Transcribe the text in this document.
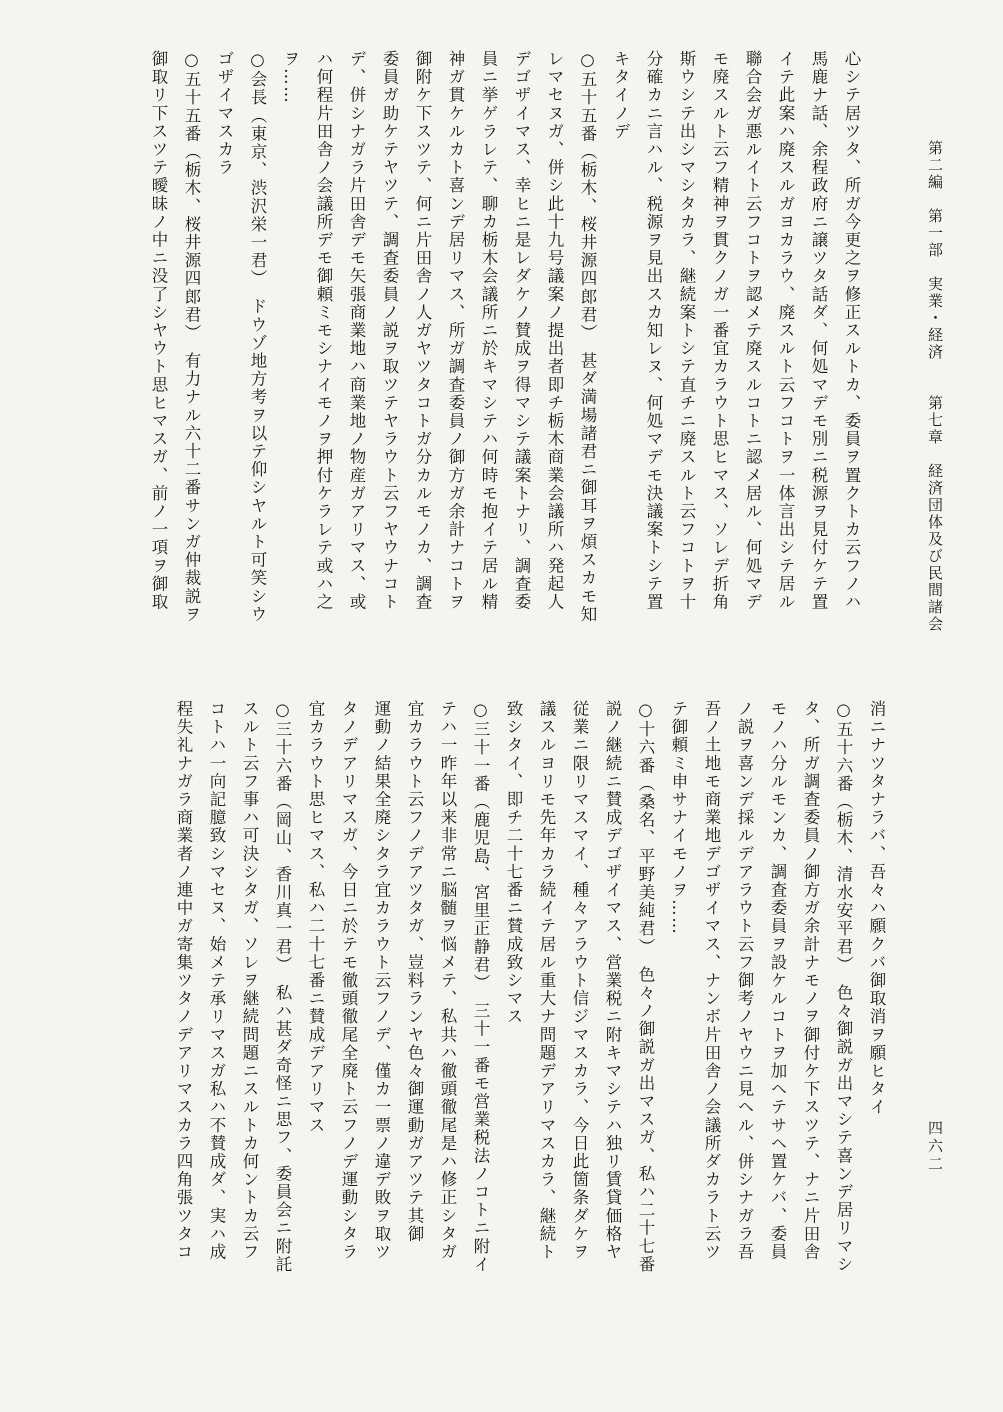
第二編　第一部　実業・経済　　第七章　経済団体及び民間諸会
四六二
心シテ居ツタ、所ガ今更之ヲ修正スルトカ、委員ヲ置クトカ云フノハ
馬鹿ナ話、余程政府ニ譲ツタ話ダ、何処マデモ別ニ税源ヲ見付ケテ置
イテ此案ハ廃スルガヨカラウ、廃スルト云フコトヲ一体言出シテ居ル
聯合会ガ悪ルイト云フコトヲ認メテ廃スルコトニ認メ居ル、何処マデ
モ廃スルト云フ精神ヲ貫クノガ一番宜カラウト思ヒマス、ソレデ折角
斯ウシテ出シマシタカラ、継続案トシテ直チニ廃スルト云フコトヲ十
分確カニ言ハル、税源ヲ見出スカ知レヌ、何処マデモ決議案トシテ置
キタイノデ
○五十五番（栃木、桜井源四郎君）　甚ダ満場諸君ニ御耳ヲ煩スカモ知
レマセヌガ、併シ此十九号議案ノ提出者即チ栃木商業会議所ハ発起人
デゴザイマス、幸ヒニ是レダケノ賛成ヲ得マシテ議案トナリ、調査委
員ニ挙ゲラレテ、聊カ栃木会議所ニ於キマシテハ何時モ抱イテ居ル精
神ガ貫ケルカト喜ンデ居リマス、所ガ調査委員ノ御方ガ余計ナコトヲ
御附ケ下スツテ、何ニ片田舎ノ人ガヤツタコトガ分カルモノカ、調査
委員ガ助ケテヤツテ、調査委員ノ説ヲ取ツテヤラウト云フヤウナコト
デ、併シナガラ片田舎デモ矢張商業地ハ商業地ノ物産ガアリマス、或
ハ何程片田舎ノ会議所デモ御頼ミモシナイモノヲ押付ケラレテ或ハ之
ヲ……
○会長（東京、渋沢栄一君）　ドウゾ地方考ヲ以テ仰シヤルト可笑シウ
ゴザイマスカラ
○五十五番（栃木、桜井源四郎君）　有力ナル六十二番サンガ仲裁説ヲ
御取リ下スツテ曖昧ノ中ニ没了シヤウト思ヒマスガ、前ノ一項ヲ御取
消ニナツタナラバ、吾々ハ願クバ御取消ヲ願ヒタイ
○五十六番（栃木、清水安平君）　色々御説ガ出マシテ喜ンデ居リマシ
タ、所ガ調査委員ノ御方ガ余計ナモノヲ御付ケ下スツテ、ナニ片田舎
モノハ分ルモンカ、調査委員ヲ設ケルコトヲ加ヘテサヘ置ケバ、委員
ノ説ヲ喜ンデ採ルデアラウト云フ御考ノヤウニ見ヘル、併シナガラ吾
吾ノ土地モ商業地デゴザイマス、ナンボ片田舎ノ会議所ダカラト云ツ
テ御頼ミ申サナイモノヲ……
○十六番（桑名、平野美純君）　色々ノ御説ガ出マスガ、私ハ二十七番
説ノ継続ニ賛成デゴザイマス、営業税ニ附キマシテハ独リ賃貸価格ヤ
従業ニ限リマスマイ、種々アラウト信ジマスカラ、今日此箇条ダケヲ
議スルヨリモ先年カラ続イテ居ル重大ナ問題デアリマスカラ、継続ト
致シタイ、即チ二十七番ニ賛成致シマス
○三十一番（鹿児島、宮里正静君）　三十一番モ営業税法ノコトニ附イ
テハ一昨年以来非常ニ脳髄ヲ悩メテ、私共ハ徹頭徹尾是ハ修正シタガ
宜カラウト云フノデアツタガ、豈料ランヤ色々御運動ガアツテ其御
運動ノ結果全廃シタラ宜カラウト云フノデ、僅カ一票ノ違デ敗ヲ取ツ
タノデアリマスガ、今日ニ於テモ徹頭徹尾全廃ト云フノデ運動シタラ
宜カラウト思ヒマス、私ハ二十七番ニ賛成デアリマス
○三十六番（岡山、香川真一君）　私ハ甚ダ奇怪ニ思フ、委員会ニ附託
スルト云フ事ハ可決シタガ、ソレヲ継続問題ニスルトカ何ントカ云フ
コトハ一向記臆致シマセヌ、始メテ承リマスガ私ハ不賛成ダ、実ハ成
程失礼ナガラ商業者ノ連中ガ寄集ツタノデアリマスカラ四角張ツタコ
